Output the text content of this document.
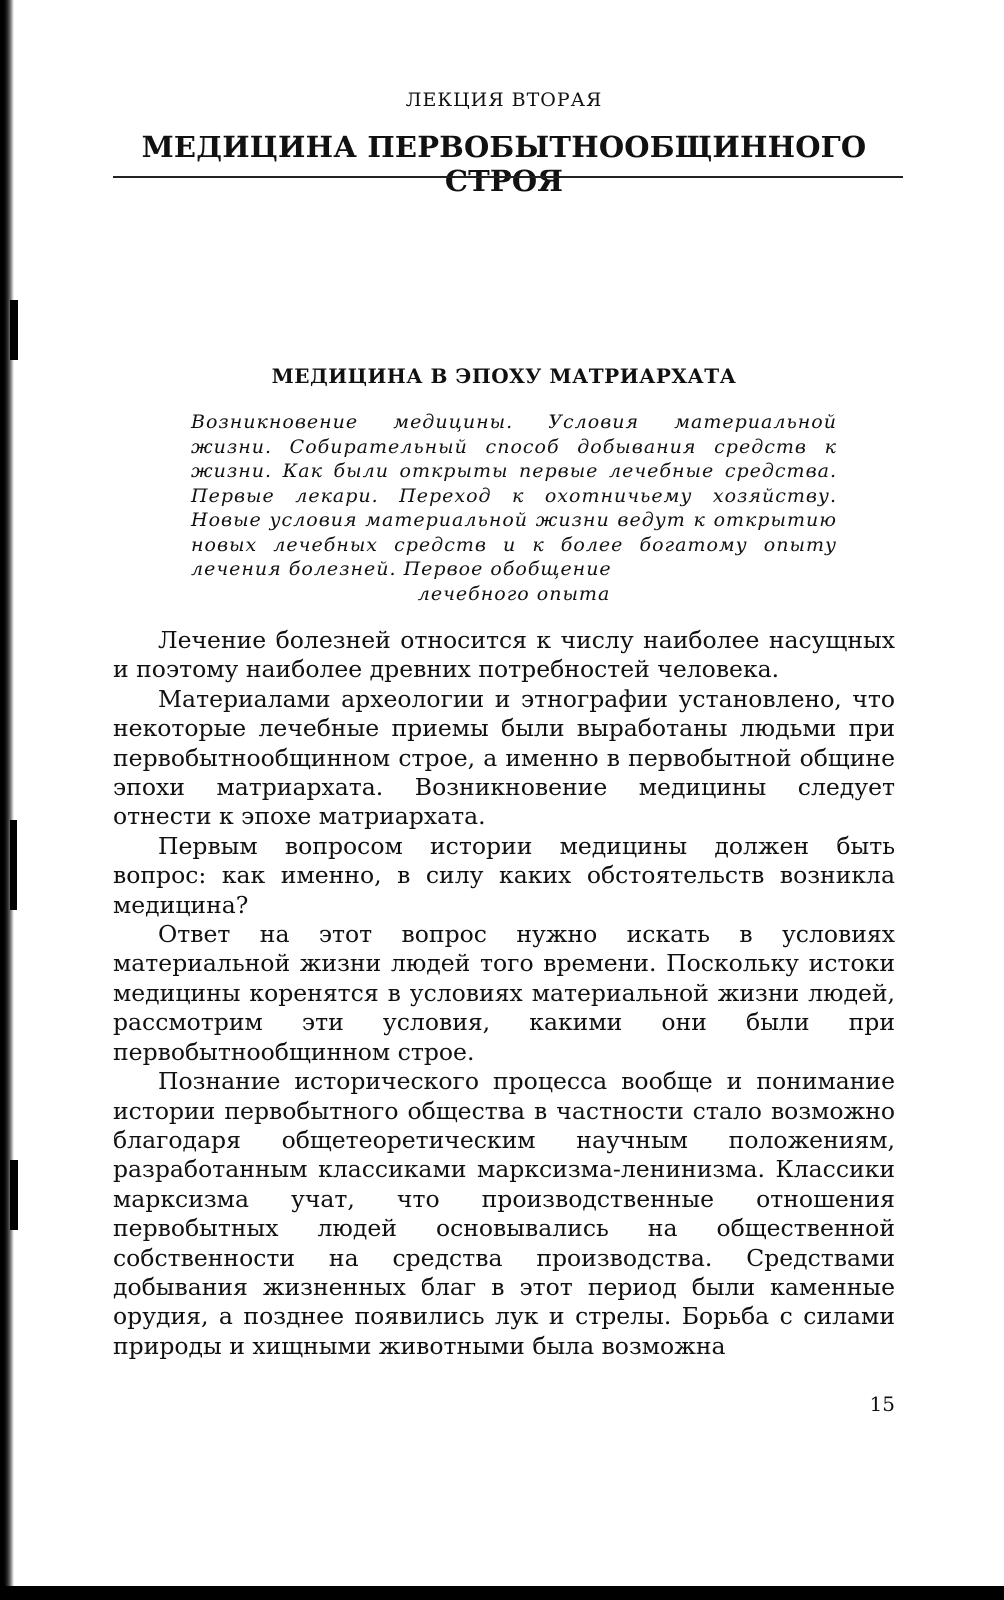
ЛЕКЦИЯ ВТОРАЯ
МЕДИЦИНА ПЕРВОБЫТНООБЩИННОГО СТРОЯ
МЕДИЦИНА В ЭПОХУ МАТРИАРХАТА
Возникновение медицины. Условия материальной жизни. Собирательный способ добывания средств к жизни. Как были открыты первые лечебные средства. Первые лекари. Переход к охотничьему хозяйству. Новые условия материальной жизни ведут к открытию новых лечебных средств и к более богатому опыту лечения болезней. Первое обобщение
лечебного опыта

Лечение болезней относится к числу наиболее насущных и поэтому наиболее древних потребностей человека.

Материалами археологии и этнографии установлено, что некоторые лечебные приемы были выработаны людьми при первобытнообщинном строе, а именно в первобытной общине эпохи матриархата. Возникновение медицины следует отнести к эпохе матриархата.

Первым вопросом истории медицины должен быть вопрос: как именно, в силу каких обстоятельств возникла медицина?

Ответ на этот вопрос нужно искать в условиях материальной жизни людей того времени. Поскольку истоки медицины коренятся в условиях материальной жизни людей, рассмотрим эти условия, какими они были при первобытнообщинном строе.

Познание исторического процесса вообще и понимание истории первобытного общества в частности стало возможно благодаря общетеоретическим научным положениям, разработанным классиками марксизма-ленинизма. Классики марксизма учат, что производственные отношения первобытных людей основывались на общественной собственности на средства производства. Средствами добывания жизненных благ в этот период были каменные орудия, а позднее появились лук и стрелы. Борьба с силами природы и хищными животными была возможна

15
